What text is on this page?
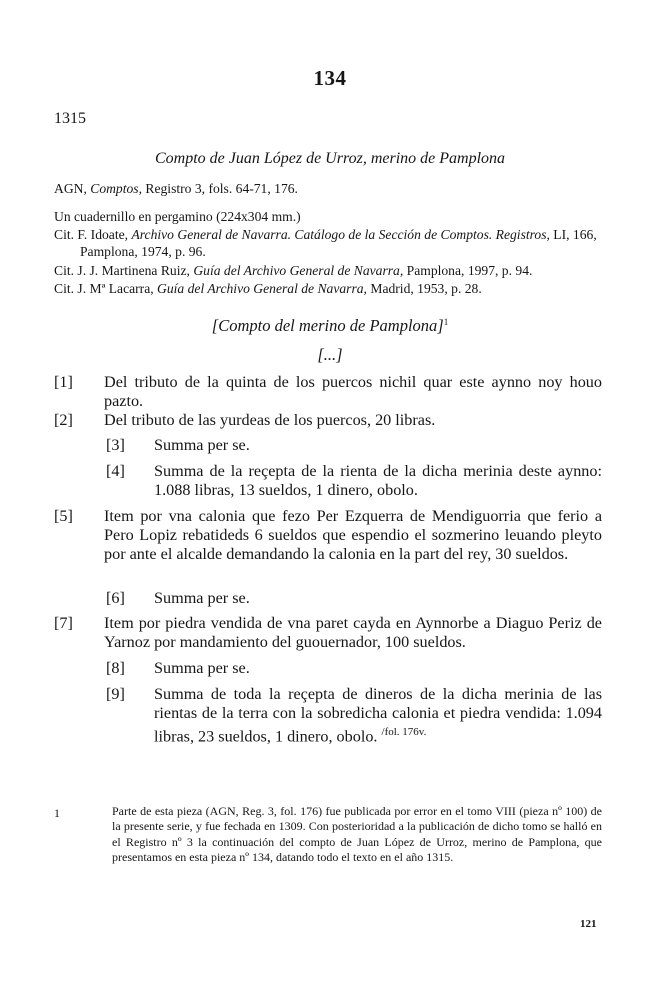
134
1315
Compto de Juan López de Urroz, merino de Pamplona
AGN, Comptos, Registro 3, fols. 64-71, 176.
Un cuadernillo en pergamino (224x304 mm.)
Cit. F. Idoate, Archivo General de Navarra. Catálogo de la Sección de Comptos. Registros, LI, 166, Pamplona, 1974, p. 96.
Cit. J. J. Martinena Ruiz, Guía del Archivo General de Navarra, Pamplona, 1997, p. 94.
Cit. J. Mª Lacarra, Guía del Archivo General de Navarra, Madrid, 1953, p. 28.
[Compto del merino de Pamplona]$^1$
[...]
[1] Del tributo de la quinta de los puercos nichil quar este aynno noy houo pazto.
[2] Del tributo de las yurdeas de los puercos, 20 libras.
[3] Summa per se.
[4] Summa de la reçepta de la rienta de la dicha merinia deste aynno: 1.088 libras, 13 sueldos, 1 dinero, obolo.
[5] Item por vna calonia que fezo Per Ezquerra de Mendiguorria que ferio a Pero Lopiz rebatideds 6 sueldos que espendio el sozmerino leuando pleyto por ante el alcalde demandando la calonia en la part del rey, 30 sueldos.
[6] Summa per se.
[7] Item por piedra vendida de vna paret cayda en Aynnorbe a Diaguo Periz de Yarnoz por mandamiento del guouernador, 100 sueldos.
[8] Summa per se.
[9] Summa de toda la reçepta de dineros de la dicha merinia de las rientas de la terra con la sobredicha calonia et piedra vendida: 1.094 libras, 23 sueldos, 1 dinero, obolo. $^{/fol. 176v.}$
1	Parte de esta pieza (AGN, Reg. 3, fol. 176) fue publicada por error en el tomo VIII (pieza nº 100) de la presente serie, y fue fechada en 1309. Con posterioridad a la publicación de dicho tomo se halló en el Registro nº 3 la continuación del compto de Juan López de Urroz, merino de Pamplona, que presentamos en esta pieza nº 134, datando todo el texto en el año 1315.
121
